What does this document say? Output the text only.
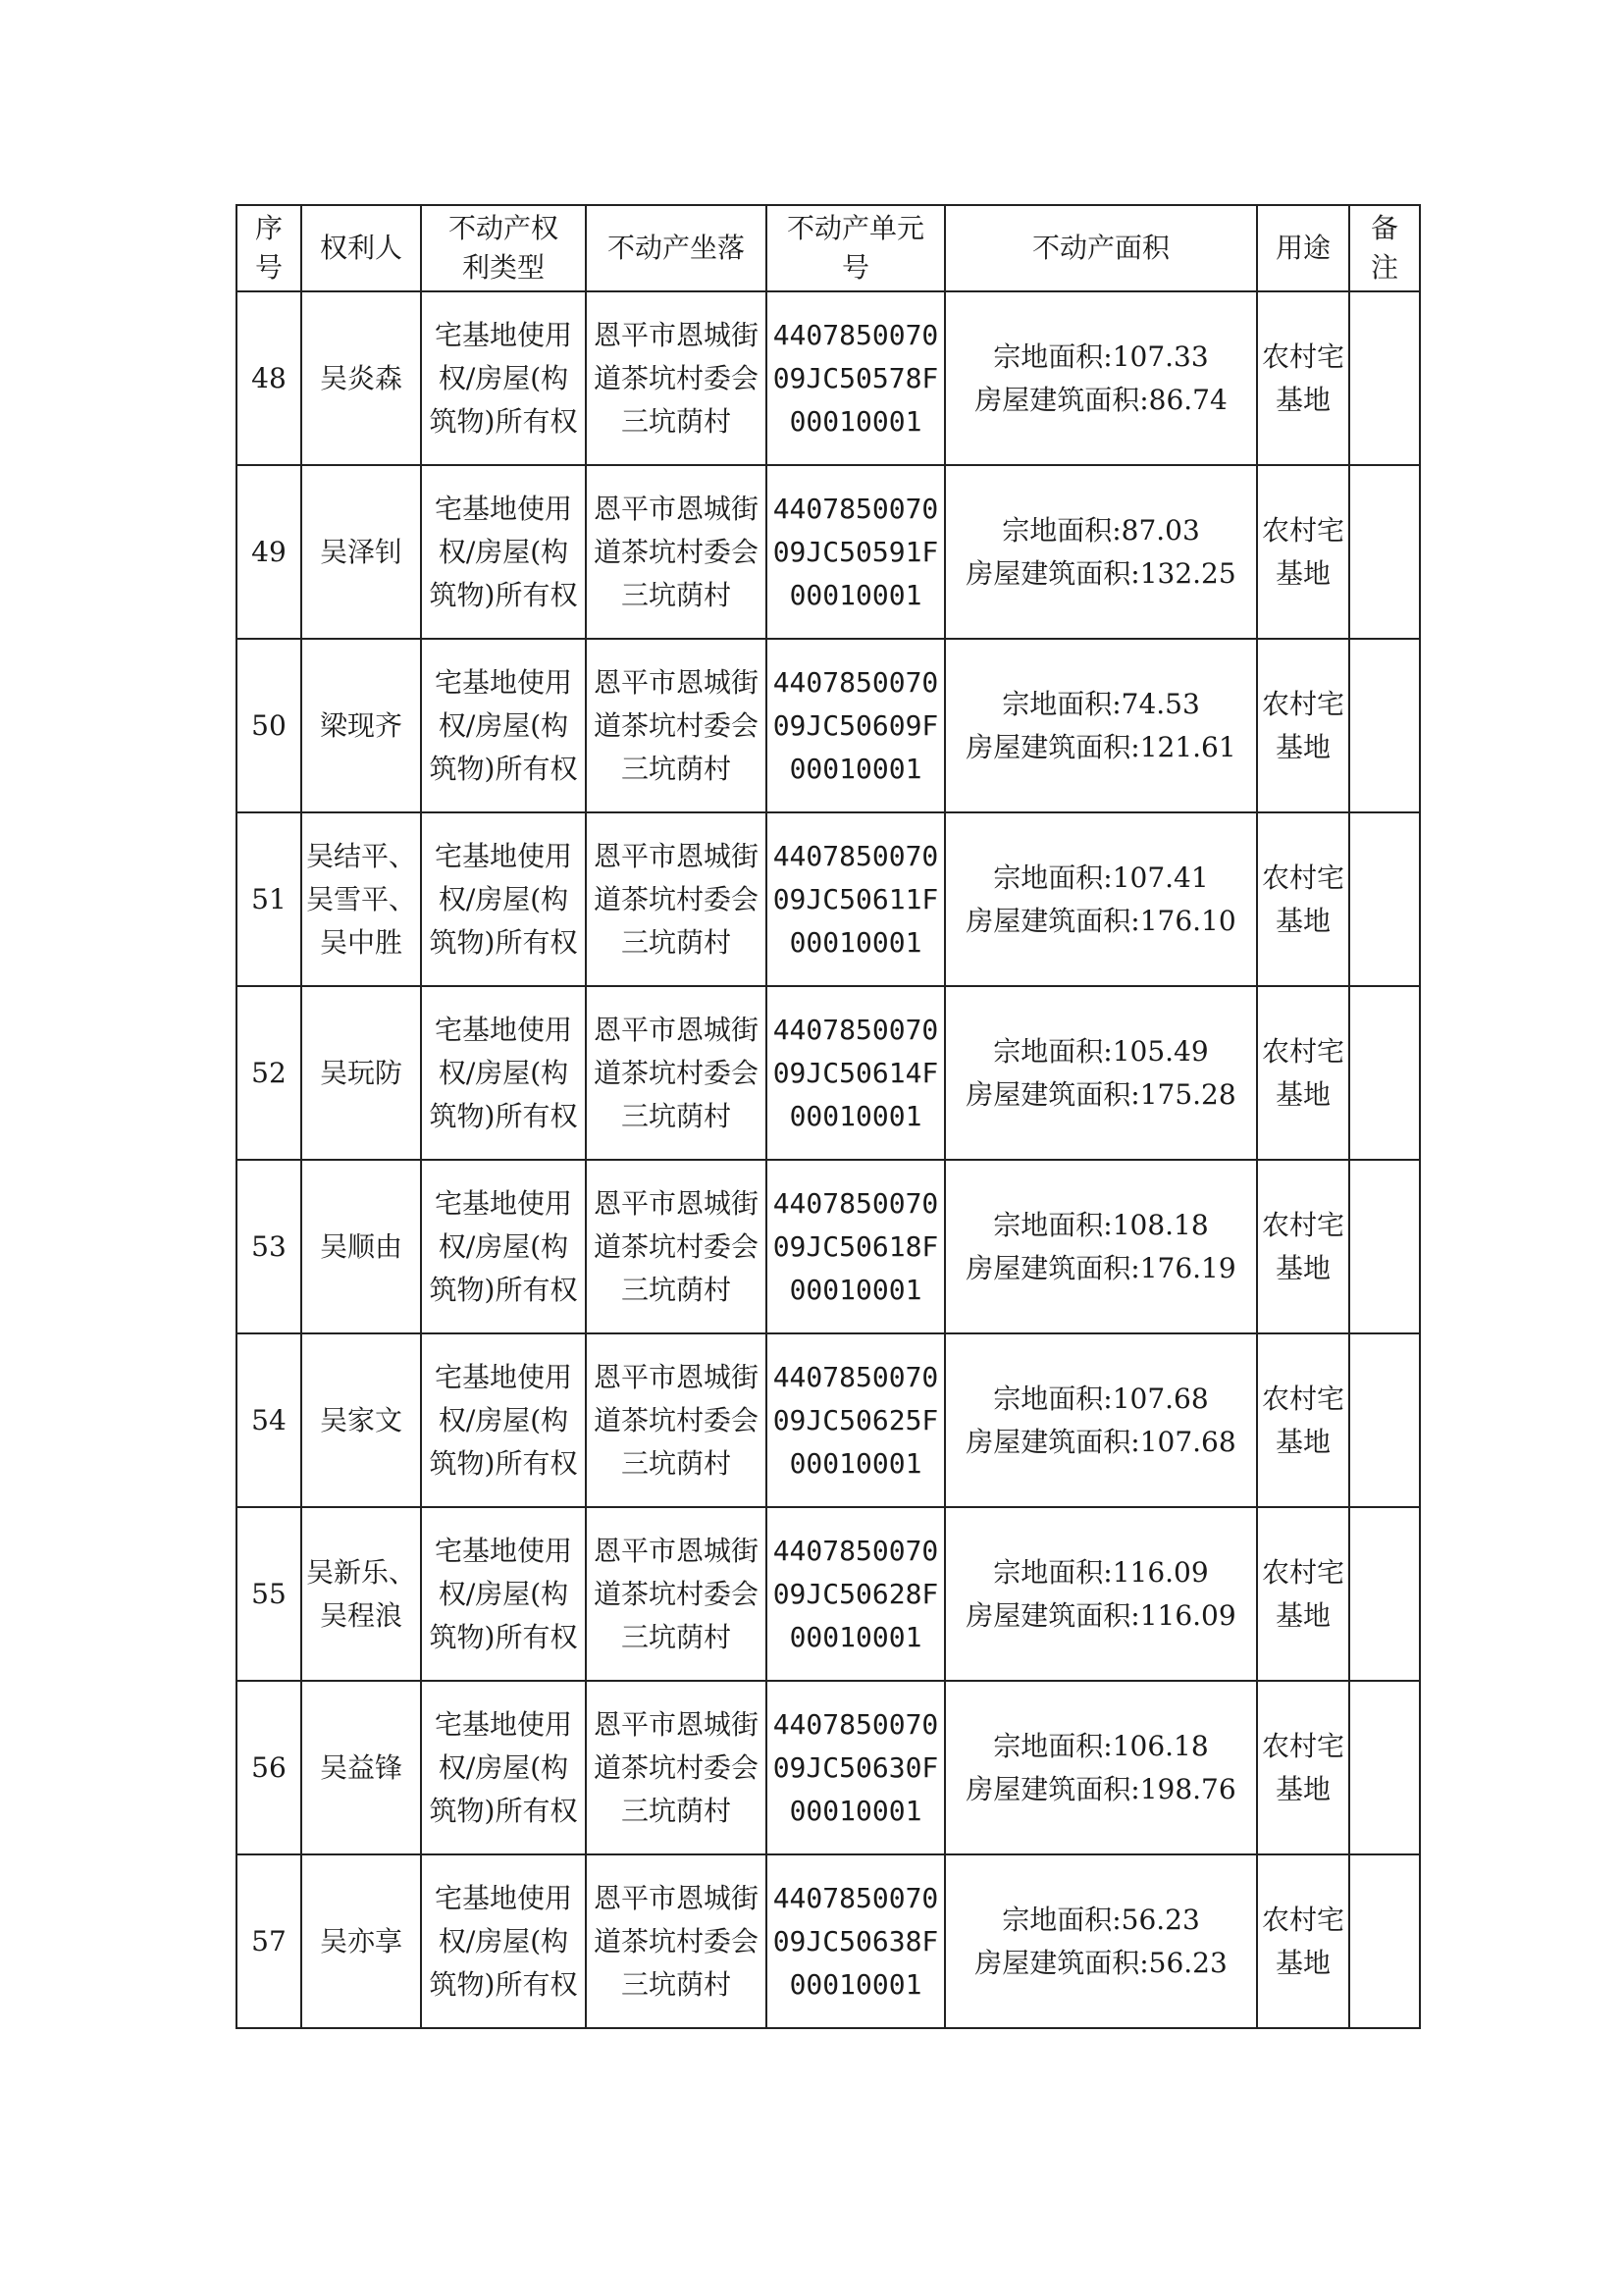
序号	权利人	不动产权利类型	不动产坐落	不动产单元号	不动产面积	用途	备注
48	吴炎森	宅基地使用权/房屋(构筑物)所有权	恩平市恩城街道茶坑村委会三坑荫村	440785007009JC50578F00010001	宗地面积:107.33
房屋建筑面积:86.74	农村宅基地	
49	吴泽钊	宅基地使用权/房屋(构筑物)所有权	恩平市恩城街道茶坑村委会三坑荫村	440785007009JC50591F00010001	宗地面积:87.03
房屋建筑面积:132.25	农村宅基地	
50	梁现齐	宅基地使用权/房屋(构筑物)所有权	恩平市恩城街道茶坑村委会三坑荫村	440785007009JC50609F00010001	宗地面积:74.53
房屋建筑面积:121.61	农村宅基地	
51	吴结平、吴雪平、吴中胜	宅基地使用权/房屋(构筑物)所有权	恩平市恩城街道茶坑村委会三坑荫村	440785007009JC50611F00010001	宗地面积:107.41
房屋建筑面积:176.10	农村宅基地	
52	吴玩防	宅基地使用权/房屋(构筑物)所有权	恩平市恩城街道茶坑村委会三坑荫村	440785007009JC50614F00010001	宗地面积:105.49
房屋建筑面积:175.28	农村宅基地	
53	吴顺由	宅基地使用权/房屋(构筑物)所有权	恩平市恩城街道茶坑村委会三坑荫村	440785007009JC50618F00010001	宗地面积:108.18
房屋建筑面积:176.19	农村宅基地	
54	吴家文	宅基地使用权/房屋(构筑物)所有权	恩平市恩城街道茶坑村委会三坑荫村	440785007009JC50625F00010001	宗地面积:107.68
房屋建筑面积:107.68	农村宅基地	
55	吴新乐、吴程浪	宅基地使用权/房屋(构筑物)所有权	恩平市恩城街道茶坑村委会三坑荫村	440785007009JC50628F00010001	宗地面积:116.09
房屋建筑面积:116.09	农村宅基地	
56	吴益锋	宅基地使用权/房屋(构筑物)所有权	恩平市恩城街道茶坑村委会三坑荫村	440785007009JC50630F00010001	宗地面积:106.18
房屋建筑面积:198.76	农村宅基地	
57	吴亦享	宅基地使用权/房屋(构筑物)所有权	恩平市恩城街道茶坑村委会三坑荫村	440785007009JC50638F00010001	宗地面积:56.23
房屋建筑面积:56.23	农村宅基地	
